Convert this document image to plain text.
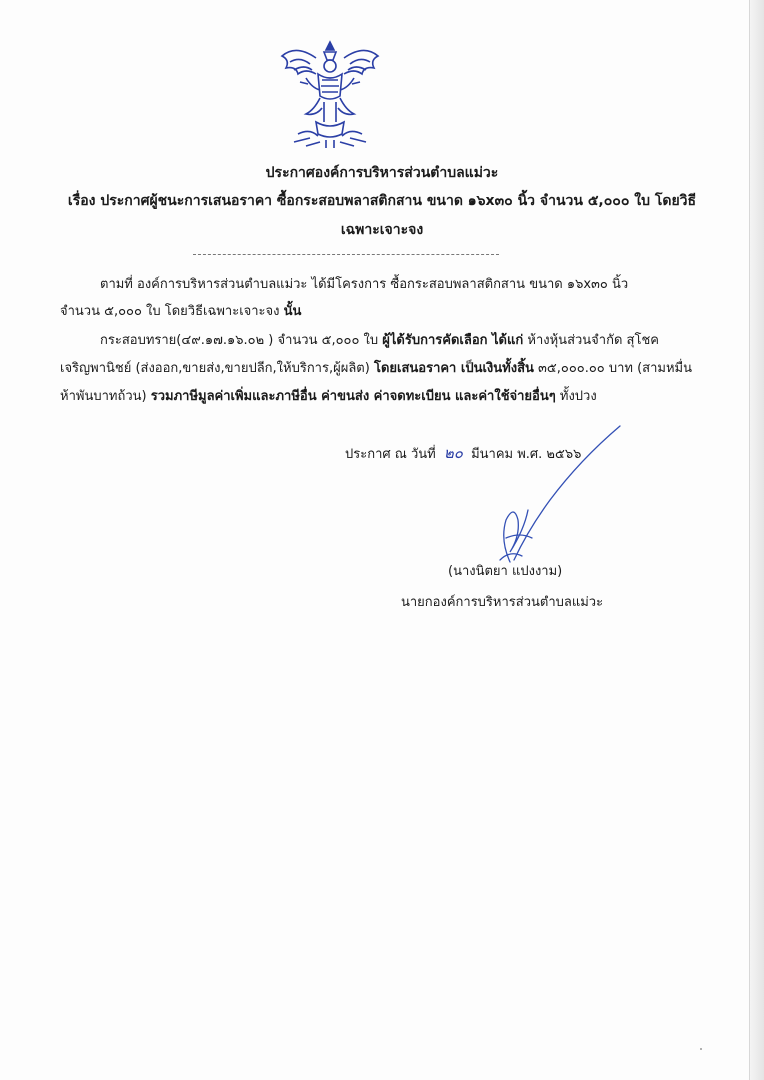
ประกาศองค์การบริหารส่วนตำบลแม่วะ
เรื่อง ประกาศผู้ชนะการเสนอราคา ซื้อกระสอบพลาสติกสาน ขนาด ๑๖x๓๐ นิ้ว จำนวน ๕,๐๐๐ ใบ โดยวิธี
เฉพาะเจาะจง
ตามที่ องค์การบริหารส่วนตำบลแม่วะ ได้มีโครงการ ซื้อกระสอบพลาสติกสาน ขนาด ๑๖x๓๐ นิ้ว
จำนวน ๕,๐๐๐ ใบ โดยวิธีเฉพาะเจาะจง นั้น
กระสอบทราย(๔๙.๑๗.๑๖.๐๒ ) จำนวน ๕,๐๐๐ ใบ ผู้ได้รับการคัดเลือก ได้แก่ ห้างหุ้นส่วนจำกัด สุโชค
เจริญพานิชย์ (ส่งออก,ขายส่ง,ขายปลีก,ให้บริการ,ผู้ผลิต) โดยเสนอราคา เป็นเงินทั้งสิ้น ๓๕,๐๐๐.๐๐ บาท (สามหมื่น
ห้าพันบาทถ้วน) รวมภาษีมูลค่าเพิ่มและภาษีอื่น ค่าขนส่ง ค่าจดทะเบียน และค่าใช้จ่ายอื่นๆ ทั้งปวง
ประกาศ ณ วันที่ ๒๐ มีนาคม พ.ศ. ๒๕๖๖
(นางนิตยา แปงงาม)
นายกองค์การบริหารส่วนตำบลแม่วะ
